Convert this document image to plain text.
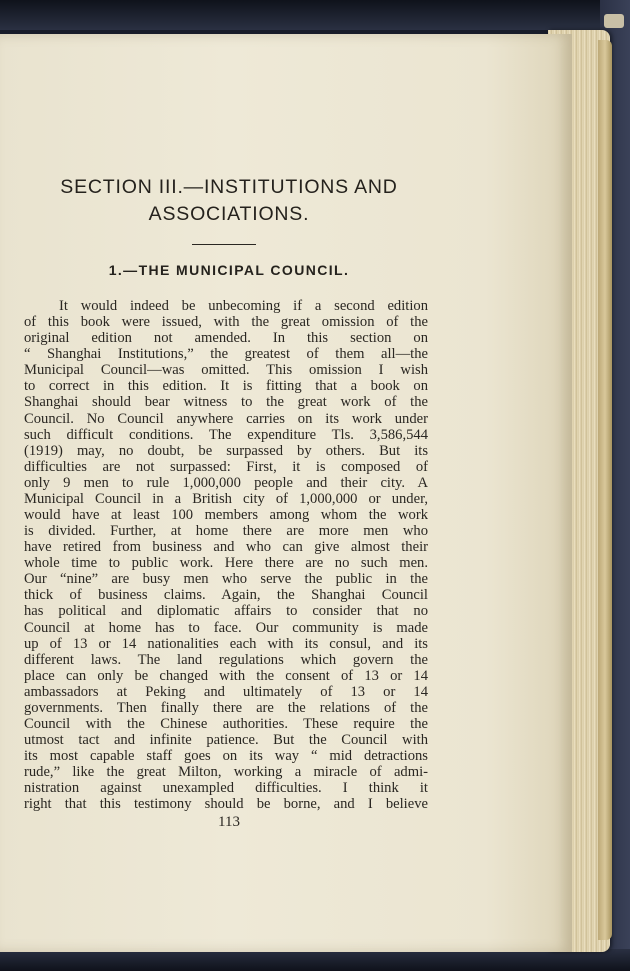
SECTION III.—INSTITUTIONS AND ASSOCIATIONS.
1.—THE MUNICIPAL COUNCIL.
It would indeed be unbecoming if a second edition
of this book were issued, with the great omission of the
original edition not amended. In this section on
“ Shanghai Institutions,” the greatest of them all—the
Municipal Council—was omitted. This omission I wish
to correct in this edition. It is fitting that a book on
Shanghai should bear witness to the great work of the
Council. No Council anywhere carries on its work under
such difficult conditions. The expenditure Tls. 3,586,544
(1919) may, no doubt, be surpassed by others. But its
difficulties are not surpassed: First, it is composed of
only 9 men to rule 1,000,000 people and their city. A
Municipal Council in a British city of 1,000,000 or under,
would have at least 100 members among whom the work
is divided. Further, at home there are more men who
have retired from business and who can give almost their
whole time to public work. Here there are no such men.
Our “nine” are busy men who serve the public in the
thick of business claims. Again, the Shanghai Council
has political and diplomatic affairs to consider that no
Council at home has to face. Our community is made
up of 13 or 14 nationalities each with its consul, and its
different laws. The land regulations which govern the
place can only be changed with the consent of 13 or 14
ambassadors at Peking and ultimately of 13 or 14
governments. Then finally there are the relations of the
Council with the Chinese authorities. These require the
utmost tact and infinite patience. But the Council with
its most capable staff goes on its way “ mid detractions
rude,” like the great Milton, working a miracle of admi-
nistration against unexampled difficulties. I think it
right that this testimony should be borne, and I believe
113
